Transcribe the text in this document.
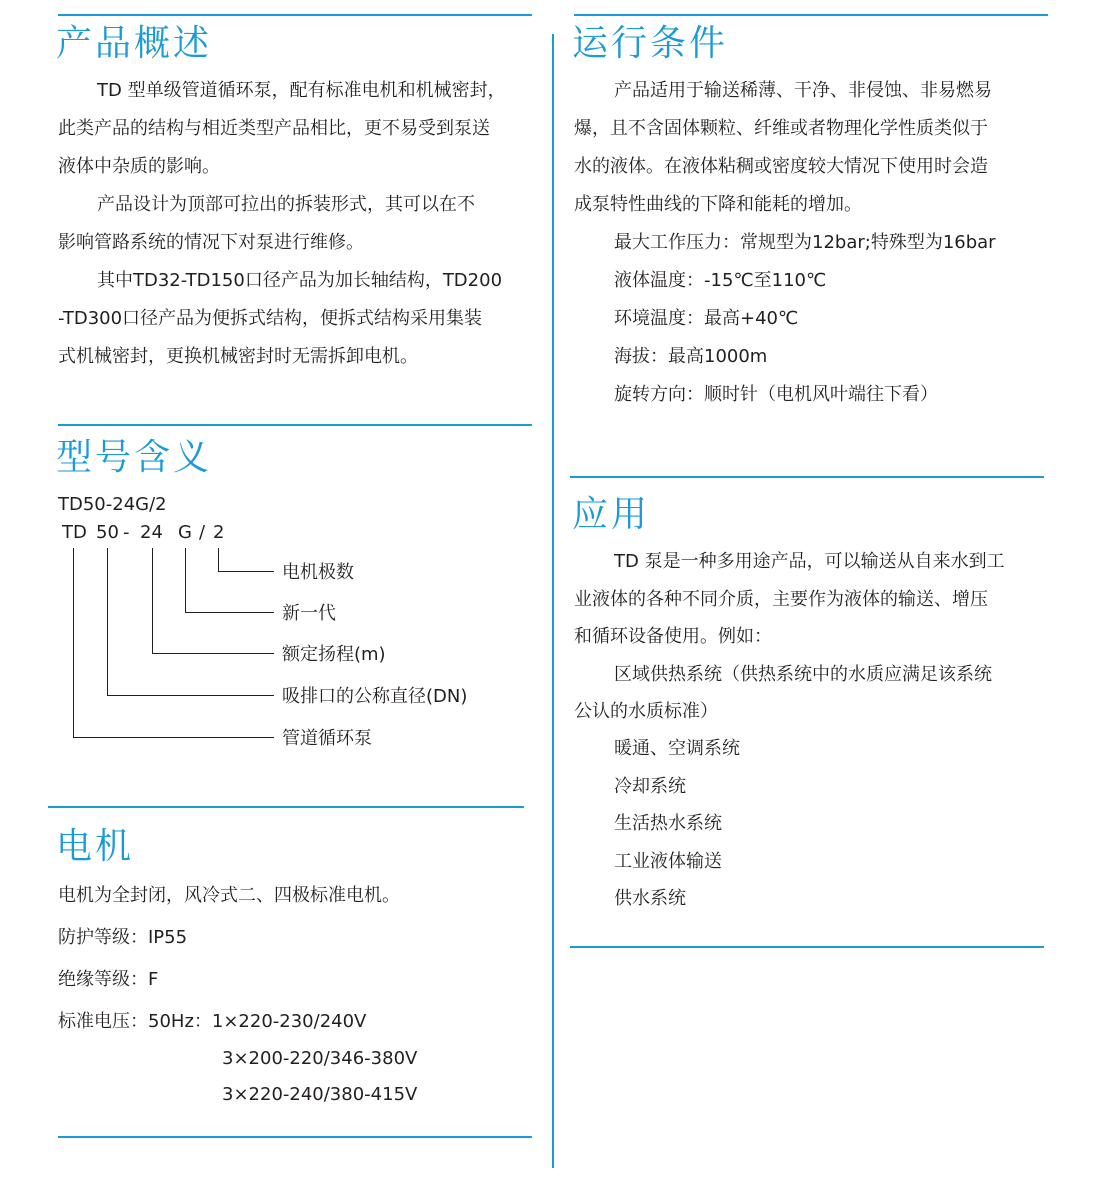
产品概述

TD 型单级管道循环泵，配有标准电机和机械密封，

此类产品的结构与相近类型产品相比，更不易受到泵送

液体中杂质的影响。

产品设计为顶部可拉出的拆装形式，其可以在不

影响管路系统的情况下对泵进行维修。

其中TD32-TD150口径产品为加长轴结构，TD200

-TD300口径产品为便拆式结构，便拆式结构采用集装

式机械密封，更换机械密封时无需拆卸电机。

型号含义

TD50-24G/2

TD 50 - 24 G / 2

电机极数

新一代

额定扬程(m)

吸排口的公称直径(DN)

管道循环泵

电机

电机为全封闭，风冷式二、四极标准电机。

防护等级：IP55

绝缘等级：F

标准电压：50Hz：1×220-230/240V

3×200-220/346-380V

3×220-240/380-415V

运行条件

产品适用于输送稀薄、干净、非侵蚀、非易燃易

爆，且不含固体颗粒、纤维或者物理化学性质类似于

水的液体。在液体粘稠或密度较大情况下使用时会造

成泵特性曲线的下降和能耗的增加。

最大工作压力：常规型为12bar;特殊型为16bar

液体温度：-15℃至110℃

环境温度：最高+40℃

海拔：最高1000m

旋转方向：顺时针（电机风叶端往下看）

应用

TD 泵是一种多用途产品，可以输送从自来水到工

业液体的各种不同介质，主要作为液体的输送、增压

和循环设备使用。例如：

区域供热系统（供热系统中的水质应满足该系统

公认的水质标准）

暖通、空调系统

冷却系统

生活热水系统

工业液体输送

供水系统
